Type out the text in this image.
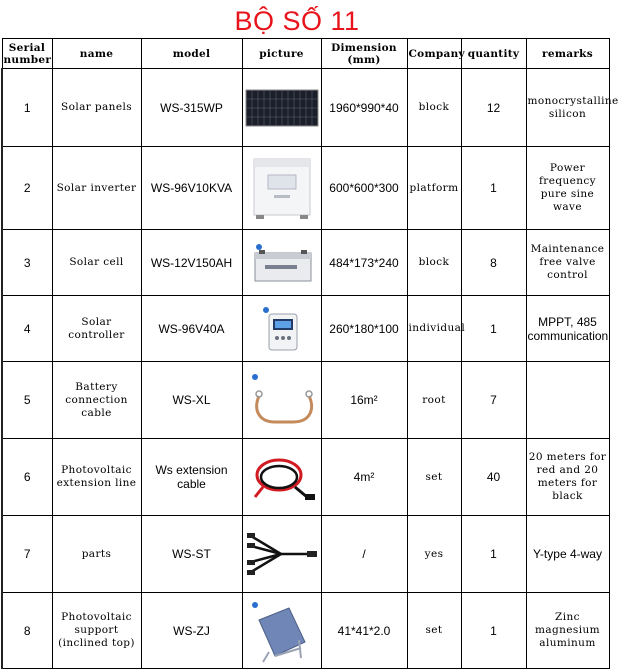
BỘ SỐ 11
Serial number	name	model	picture	Dimension (mm)	Company	quantity	remarks
1	Solar panels	WS-315WP		1960*990*40	block	12	monocrystalline silicon
2	Solar inverter	WS-96V10KVA		600*600*300	platform	1	Power frequency pure sine wave
3	Solar cell	WS-12V150AH		484*173*240	block	8	Maintenance free valve control
4	Solar controller	WS-96V40A		260*180*100	individual	1	MPPT, 485 communication
5	Battery connection cable	WS-XL		16m²	root	7	
6	Photovoltaic extension line	Ws extension cable		4m²	set	40	20 meters for red and 20 meters for black
7	parts	WS-ST		/	yes	1	Y-type 4-way
8	Photovoltaic support (inclined top)	WS-ZJ		41*41*2.0	set	1	Zinc magnesium aluminum
